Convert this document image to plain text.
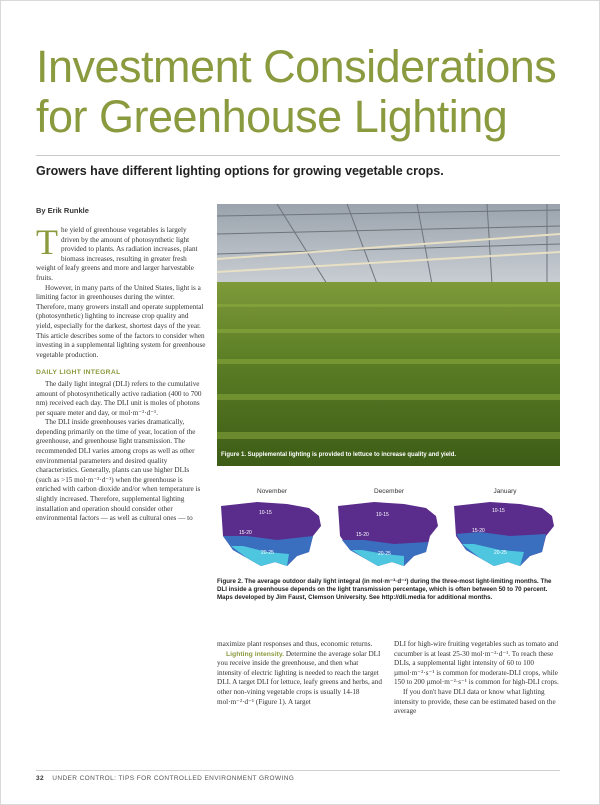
Investment Considerations
for Greenhouse Lighting
Growers have different lighting options for growing vegetable crops.
By Erik Runkle

The yield of greenhouse vegetables is largely driven by the amount of photosynthetic light provided to plants. As radiation increases, plant biomass increases, resulting in greater fresh weight of leafy greens and more and larger harvestable fruits.

However, in many parts of the United States, light is a limiting factor in greenhouses during the winter. Therefore, many growers install and operate supplemental (photosynthetic) lighting to increase crop quality and yield, especially for the darkest, shortest days of the year. This article describes some of the factors to consider when investing in a supplemental lighting system for greenhouse vegetable production.

DAILY LIGHT INTEGRAL

The daily light integral (DLI) refers to the cumulative amount of photosynthetically active radiation (400 to 700 nm) received each day. The DLI unit is moles of photons per square meter and day, or mol·m⁻²·d⁻¹.

The DLI inside greenhouses varies dramatically, depending primarily on the time of year, location of the greenhouse, and greenhouse light transmission. The recommended DLI varies among crops as well as other environmental parameters and desired quality characteristics. Generally, plants can use higher DLIs (such as >15 mol·m⁻²·d⁻¹) when the greenhouse is enriched with carbon dioxide and/or when temperature is slightly increased. Therefore, supplemental lighting installation and operation should consider other environmental factors — as well as cultural ones — to

Figure 1. Supplemental lighting is provided to lettuce to increase quality and yield.
November
10-15
15-20
20-25
December
10-15
15-20
20-25
January
10-15
15-20
20-25
Figure 2. The average outdoor daily light integral (in mol·m⁻²·d⁻¹) during the three-most light-limiting months. The DLI inside a greenhouse depends on the light transmission percentage, which is often between 50 to 70 percent. Maps developed by Jim Faust, Clemson University. See http://dli.media for additional months.

maximize plant responses and thus, economic returns.

Lighting intensity. Determine the average solar DLI you receive inside the greenhouse, and then what intensity of electric lighting is needed to reach the target DLI. A target DLI for lettuce, leafy greens and herbs, and other non-vining vegetable crops is usually 14-18 mol·m⁻²·d⁻¹ (Figure 1). A target

DLI for high-wire fruiting vegetables such as tomato and cucumber is at least 25-30 mol·m⁻²·d⁻¹. To reach these DLIs, a supplemental light intensity of 60 to 100 µmol·m⁻²·s⁻¹ is common for moderate-DLI crops, while 150 to 200 µmol·m⁻²·s⁻¹ is common for high-DLI crops.

If you don't have DLI data or know what lighting intensity to provide, these can be estimated based on the average

32 UNDER CONTROL: TIPS FOR CONTROLLED ENVIRONMENT GROWING
